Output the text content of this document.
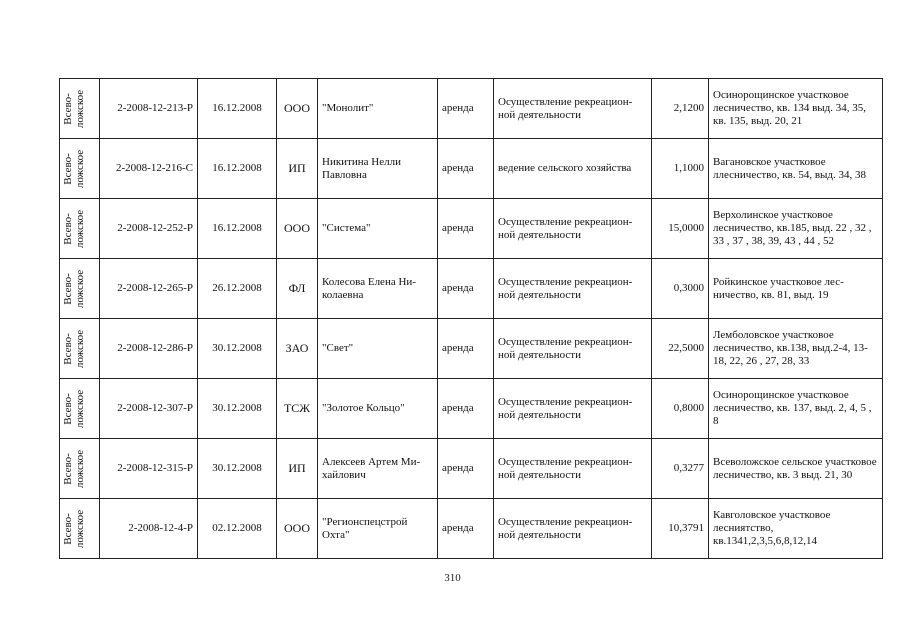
Всево- ложское	2-2008-12-213-Р	16.12.2008	ООО	"Монолит"	аренда	Осуществление рекреацион-ной деятельности	2,1200	Осинорощинское участковое лесничество, кв. 134 выд. 34, 35, кв. 135, выд. 20, 21

Всево- ложское	2-2008-12-216-С	16.12.2008	ИП	Никитина Нелли Павловна	аренда	ведение сельского хозяйства	1,1000	Вагановское участковое ллесничество, кв. 54, выд. 34, 38

Всево- ложское	2-2008-12-252-Р	16.12.2008	ООО	"Система"	аренда	Осуществление рекреацион-ной деятельности	15,0000	Верхолинское участковое лесничество, кв.185, выд. 22 , 32 , 33 , 37 , 38, 39, 43 , 44 , 52

Всево- ложское	2-2008-12-265-Р	26.12.2008	ФЛ	Колесова Елена Ни-колаевна	аренда	Осуществление рекреацион-ной деятельности	0,3000	Ройкинское участковое лес-ничество, кв. 81, выд. 19

Всево- ложское	2-2008-12-286-Р	30.12.2008	ЗАО	"Свет"	аренда	Осуществление рекреацион-ной деятельности	22,5000	Лемболовское участковое лесничество, кв.138, выд.2-4, 13-18, 22, 26 , 27, 28, 33

Всево- ложское	2-2008-12-307-Р	30.12.2008	ТСЖ	"Золотое Кольцо"	аренда	Осуществление рекреацион-ной деятельности	0,8000	Осинорощинское участковое лесничество, кв. 137, выд. 2, 4, 5 , 8

Всево- ложское	2-2008-12-315-Р	30.12.2008	ИП	Алексеев Артем Ми-хайлович	аренда	Осуществление рекреацион-ной деятельности	0,3277	Всеволожское сельское участковое лесничество, кв. 3 выд. 21, 30

Всево- ложское	2-2008-12-4-Р	02.12.2008	ООО	"Регионспецстрой Охта"	аренда	Осуществление рекреацион-ной деятельности	10,3791	Кавголовское участковое лесниятство, кв.1341,2,3,5,6,8,12,14
310
